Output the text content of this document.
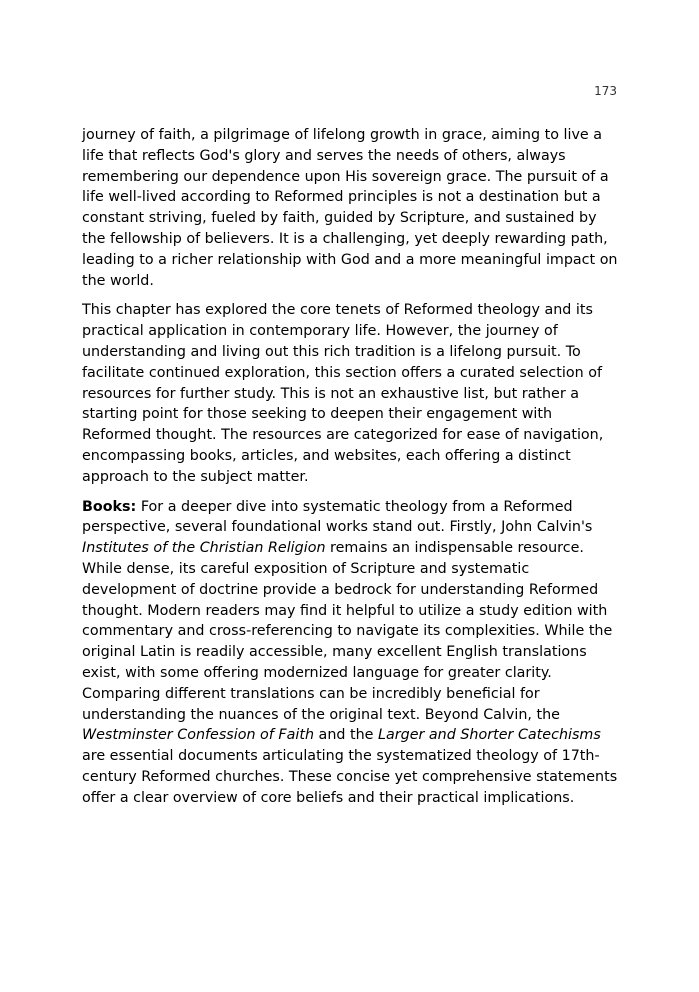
173

journey of faith, a pilgrimage of lifelong growth in grace, aiming to live a life that reflects God's glory and serves the needs of others, always remembering our dependence upon His sovereign grace. The pursuit of a life well-lived according to Reformed principles is not a destination but a constant striving, fueled by faith, guided by Scripture, and sustained by the fellowship of believers. It is a challenging, yet deeply rewarding path, leading to a richer relationship with God and a more meaningful impact on the world.

This chapter has explored the core tenets of Reformed theology and its practical application in contemporary life. However, the journey of understanding and living out this rich tradition is a lifelong pursuit. To facilitate continued exploration, this section offers a curated selection of resources for further study. This is not an exhaustive list, but rather a starting point for those seeking to deepen their engagement with Reformed thought. The resources are categorized for ease of navigation, encompassing books, articles, and websites, each offering a distinct approach to the subject matter.

Books: For a deeper dive into systematic theology from a Reformed perspective, several foundational works stand out. Firstly, John Calvin's Institutes of the Christian Religion remains an indispensable resource. While dense, its careful exposition of Scripture and systematic development of doctrine provide a bedrock for understanding Reformed thought. Modern readers may find it helpful to utilize a study edition with commentary and cross-referencing to navigate its complexities. While the original Latin is readily accessible, many excellent English translations exist, with some offering modernized language for greater clarity. Comparing different translations can be incredibly beneficial for understanding the nuances of the original text. Beyond Calvin, the Westminster Confession of Faith and the Larger and Shorter Catechisms are essential documents articulating the systematized theology of 17th-century Reformed churches. These concise yet comprehensive statements offer a clear overview of core beliefs and their practical implications.
